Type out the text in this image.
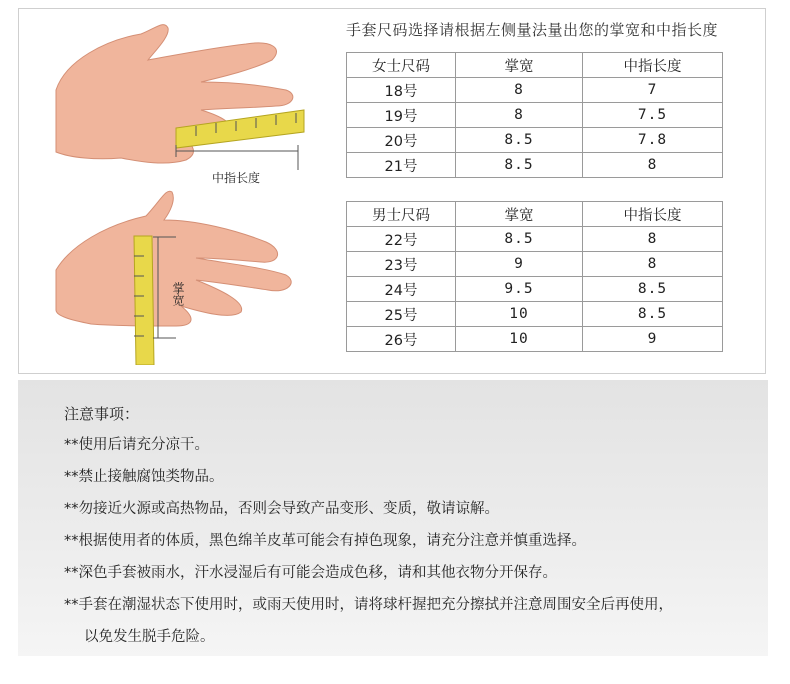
中指长度
掌宽
手套尺码选择请根据左侧量法量出您的掌宽和中指长度
女士尺码	掌宽	中指长度
18号	8	7
19号	8	7.5
20号	8.5	7.8
21号	8.5	8
男士尺码	掌宽	中指长度
22号	8.5	8
23号	9	8
24号	9.5	8.5
25号	10	8.5
26号	10	9
注意事项：
**使用后请充分凉干。
**禁止接触腐蚀类物品。
**勿接近火源或高热物品，否则会导致产品变形、变质，敬请谅解。
**根据使用者的体质，黑色绵羊皮革可能会有掉色现象，请充分注意并慎重选择。
**深色手套被雨水，汗水浸湿后有可能会造成色移，请和其他衣物分开保存。
**手套在潮湿状态下使用时，或雨天使用时，请将球杆握把充分擦拭并注意周围安全后再使用，
以免发生脱手危险。
